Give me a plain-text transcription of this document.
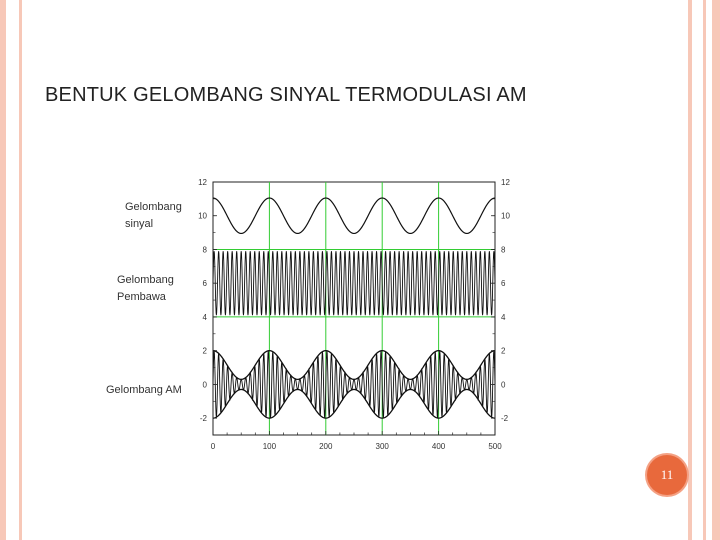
BENTUK GELOMBANG SINYAL TERMODULASI AM
Gelombang
sinyal
Gelombang
Pembawa
Gelombang AM
12	12
10	10
8	8
6	6
4	4
2	2
0	0
-2	-2
0	100	200	300	400	500
11
